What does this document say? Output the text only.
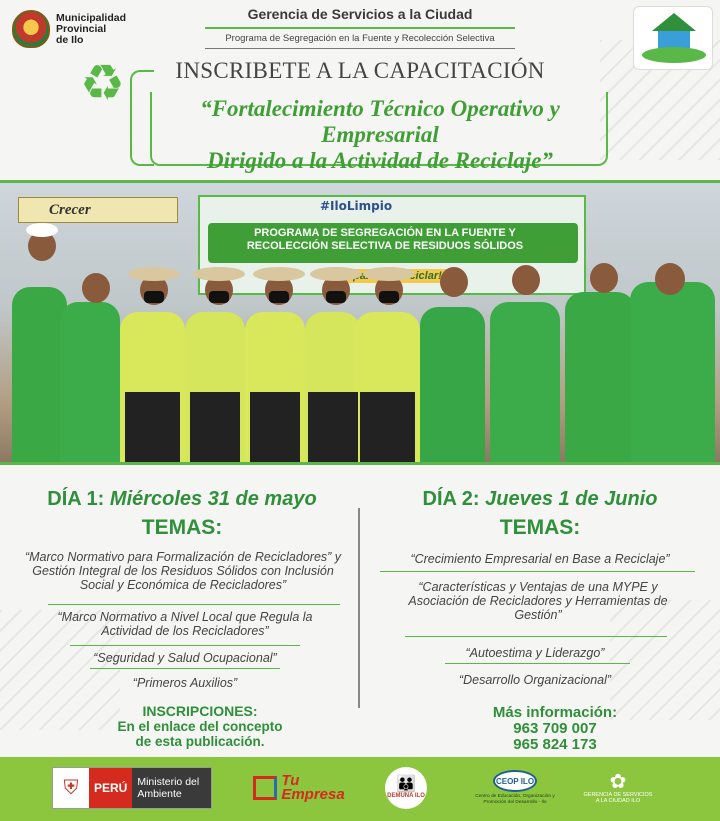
Municipalidad
Provincial
de Ilo
Gerencia de Servicios a la Ciudad
Programa de Segregación en la Fuente y Recolección Selectiva
♻	INSCRIBETE A LA CAPACITACIÓN
“Fortalecimiento Técnico Operativo y Empresarial
Dirigido a la Actividad de Reciclaje”
Crecer	#IloLimpio
PROGRAMA DE SEGREGACIÓN EN LA FUENTE Y
RECOLECCIÓN SELECTIVA DE RESIDUOS SÓLIDOS
reciclar!
DÍA 1: Miércoles 31 de mayo
TEMAS:
“Marco Normativo para Formalización de Recicladores” y Gestión Integral de los Residuos Sólidos con Inclusión Social y Económica de Recicladores”
“Marco Normativo a Nivel Local que Regula la Actividad de los Recicladores”
“Seguridad y Salud Ocupacional”
“Primeros Auxilios”
DÍA 2: Jueves 1 de Junio
TEMAS:
“Crecimiento Empresarial en Base a Reciclaje”
“Características y Ventajas de una MYPE y Asociación de Recicladores y Herramientas de Gestión”
“Autoestima y Liderazgo”
“Desarrollo Organizacional”
INSCRIPCIONES:
En el enlace del concepto
de esta publicación.
Más información:
963 709 007
965 824 173
⛨	PERÚ Ministerio del Ambiente
Tu
Empresa
👪
DEMUNA ILO
CEOP ILO
Centro de Educación, Organización y Promoción del Desarrollo - Ilo
✿
GERENCIA DE SERVICIOS A LA CIUDAD ILO
